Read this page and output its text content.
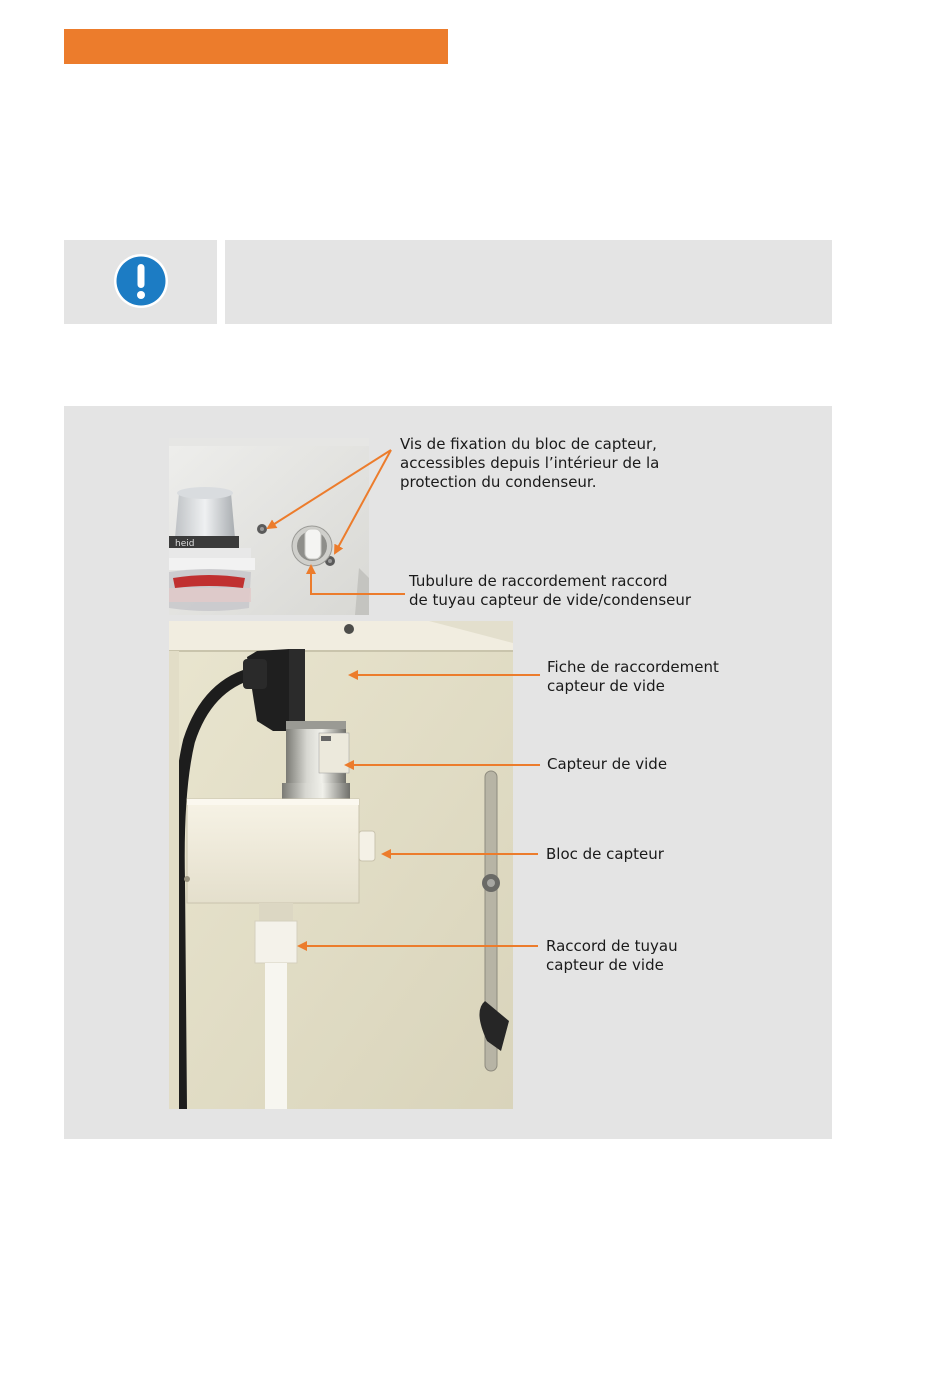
heid
Vis de fixation du bloc de capteur,
accessibles depuis l’intérieur de la
protection du condenseur.
Tubulure de raccordement raccord
de tuyau capteur de vide/condenseur
Fiche de raccordement
capteur de vide
Capteur de vide
Bloc de capteur
Raccord de tuyau
capteur de vide
